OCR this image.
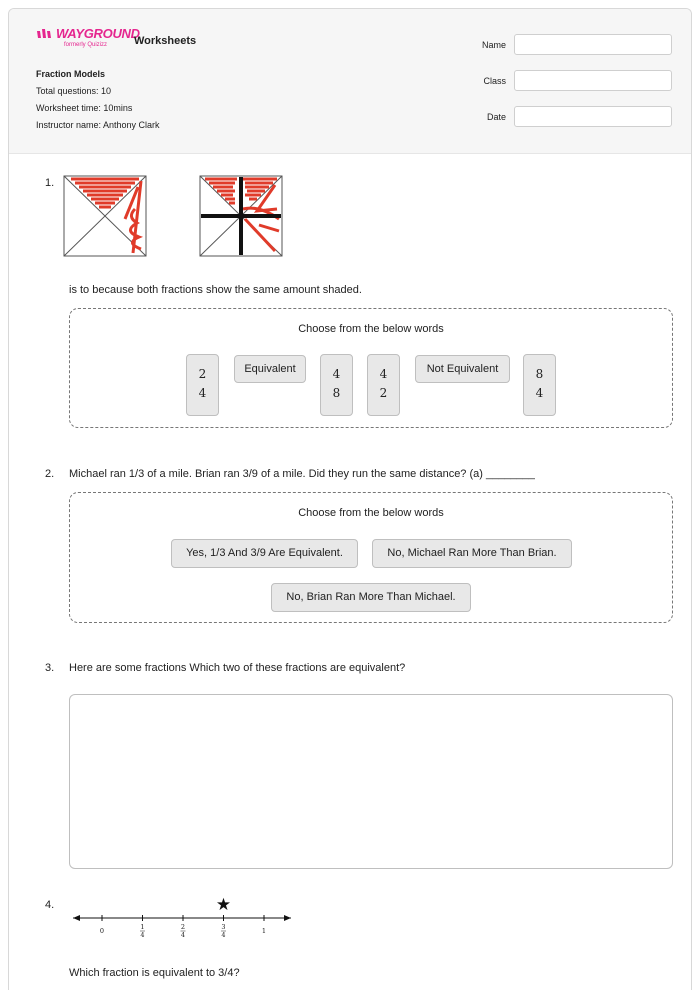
WAYGROUND
formerly Quizizz	Worksheets
Fraction Models
Total questions: 10
Worksheet time: 10mins
Instructor name: Anthony Clark
Name
Class
Date
1.
is to because both fractions show the same amount shaded.
Choose from the below words
2
4
Equivalent	4
8
4
2
Not Equivalent	8
4
2. Michael ran 1/3 of a mile. Brian ran 3/9 of a mile. Did they run the same distance? (a) ________
Choose from the below words
Yes, 1/3 And 3/9 Are Equivalent.	No, Michael Ran More Than Brian.
No, Brian Ran More Than Michael.
3. Here are some fractions Which two of these fractions are equivalent?
4.
0	1
4
2
4
3
4	1
★
Which fraction is equivalent to 3/4?
